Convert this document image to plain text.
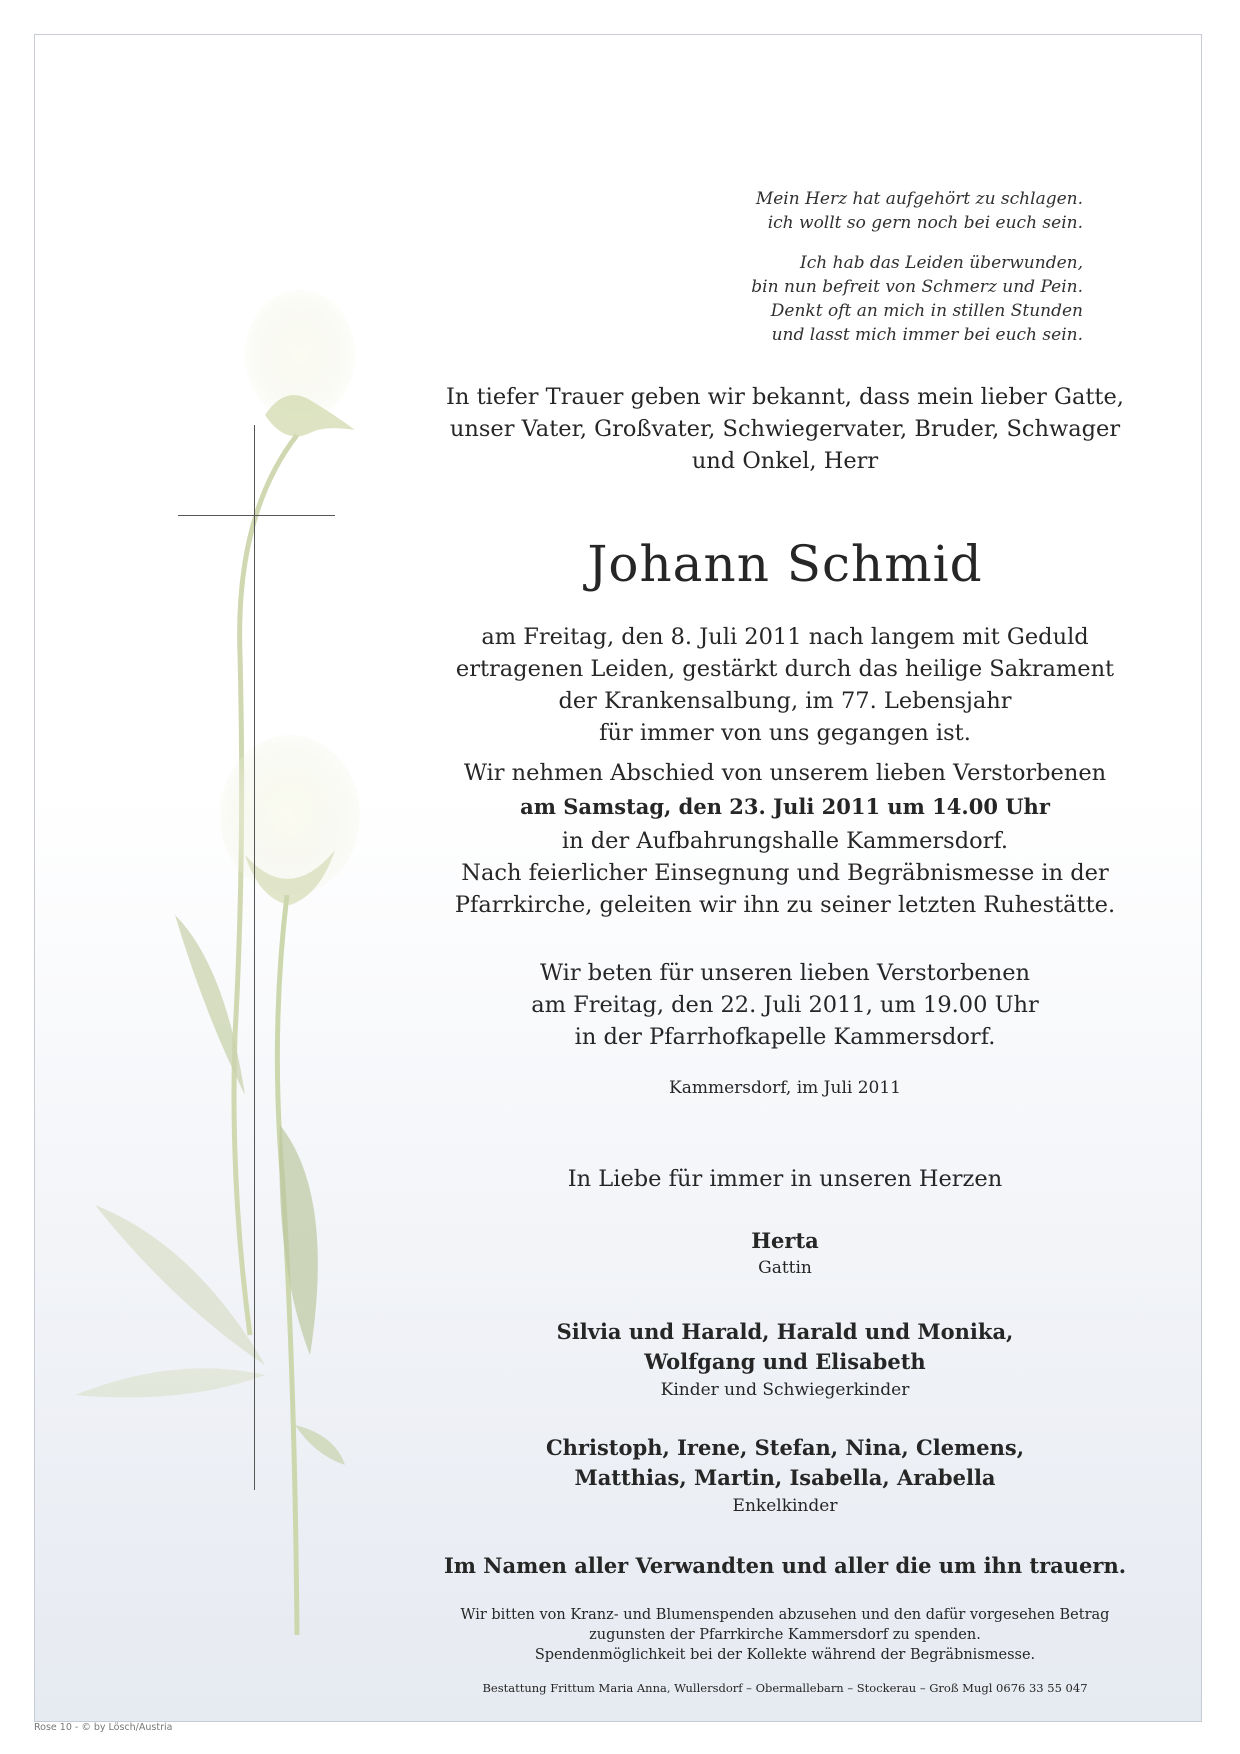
Mein Herz hat aufgehört zu schlagen.
ich wollt so gern noch bei euch sein.
Ich hab das Leiden überwunden,
bin nun befreit von Schmerz und Pein.
Denkt oft an mich in stillen Stunden
und lasst mich immer bei euch sein.
In tiefer Trauer geben wir bekannt, dass mein lieber Gatte,
unser Vater, Großvater, Schwiegervater, Bruder, Schwager
und Onkel, Herr
Johann Schmid
am Freitag, den 8. Juli 2011 nach langem mit Geduld
ertragenen Leiden, gestärkt durch das heilige Sakrament
der Krankensalbung, im 77. Lebensjahr
für immer von uns gegangen ist.
Wir nehmen Abschied von unserem lieben Verstorbenen
am Samstag, den 23. Juli 2011 um 14.00 Uhr
in der Aufbahrungshalle Kammersdorf.
Nach feierlicher Einsegnung und Begräbnismesse in der
Pfarrkirche, geleiten wir ihn zu seiner letzten Ruhestätte.
Wir beten für unseren lieben Verstorbenen
am Freitag, den 22. Juli 2011, um 19.00 Uhr
in der Pfarrhofkapelle Kammersdorf.
Kammersdorf, im Juli 2011
In Liebe für immer in unseren Herzen
Herta
Gattin
Silvia und Harald, Harald und Monika,
Wolfgang und Elisabeth
Kinder und Schwiegerkinder
Christoph, Irene, Stefan, Nina, Clemens,
Matthias, Martin, Isabella, Arabella
Enkelkinder
Im Namen aller Verwandten und aller die um ihn trauern.
Wir bitten von Kranz- und Blumenspenden abzusehen und den dafür vorgesehen Betrag
zugunsten der Pfarrkirche Kammersdorf zu spenden.
Spendenmöglichkeit bei der Kollekte während der Begräbnismesse.
Bestattung Frittum Maria Anna, Wullersdorf – Obermallebarn – Stockerau – Groß Mugl 0676 33 55 047
Rose 10 - © by Lösch/Austria
